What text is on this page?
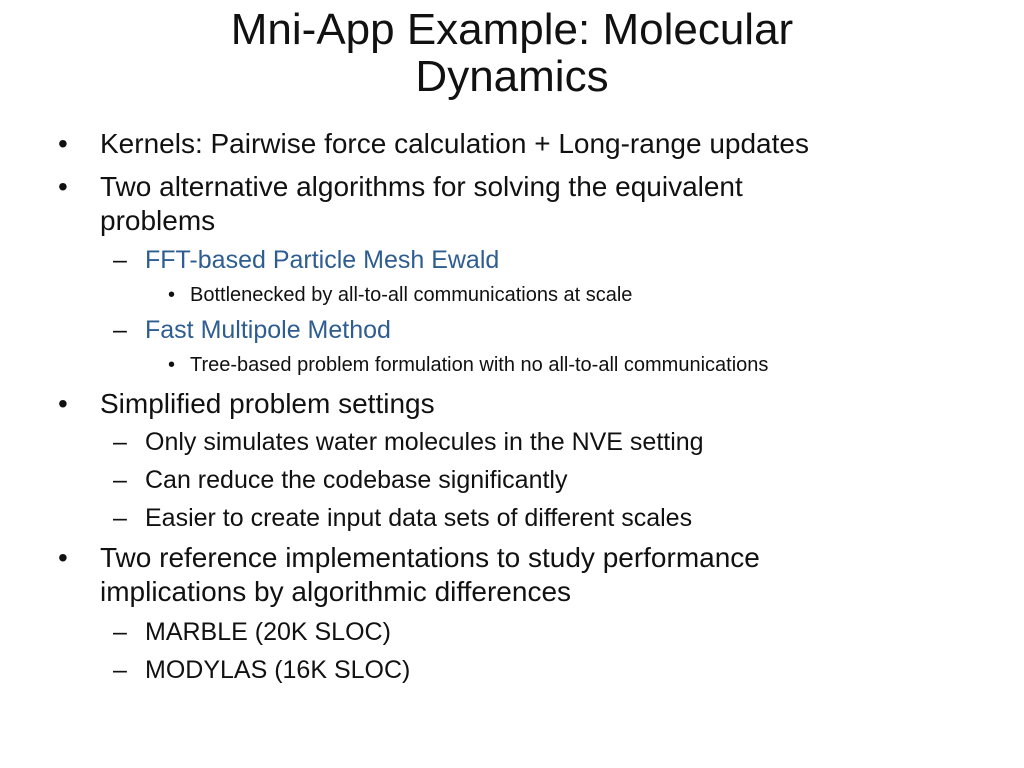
Mni-App Example: Molecular
Dynamics
• Kernels: Pairwise force calculation + Long-range updates
• Two alternative algorithms for solving the equivalent
problems
– FFT-based Particle Mesh Ewald
• Bottlenecked by all-to-all communications at scale
– Fast Multipole Method
• Tree-based problem formulation with no all-to-all communications
• Simplified problem settings
– Only simulates water molecules in the NVE setting
– Can reduce the codebase significantly
– Easier to create input data sets of different scales
• Two reference implementations to study performance
implications by algorithmic differences
– MARBLE (20K SLOC)
– MODYLAS (16K SLOC)
